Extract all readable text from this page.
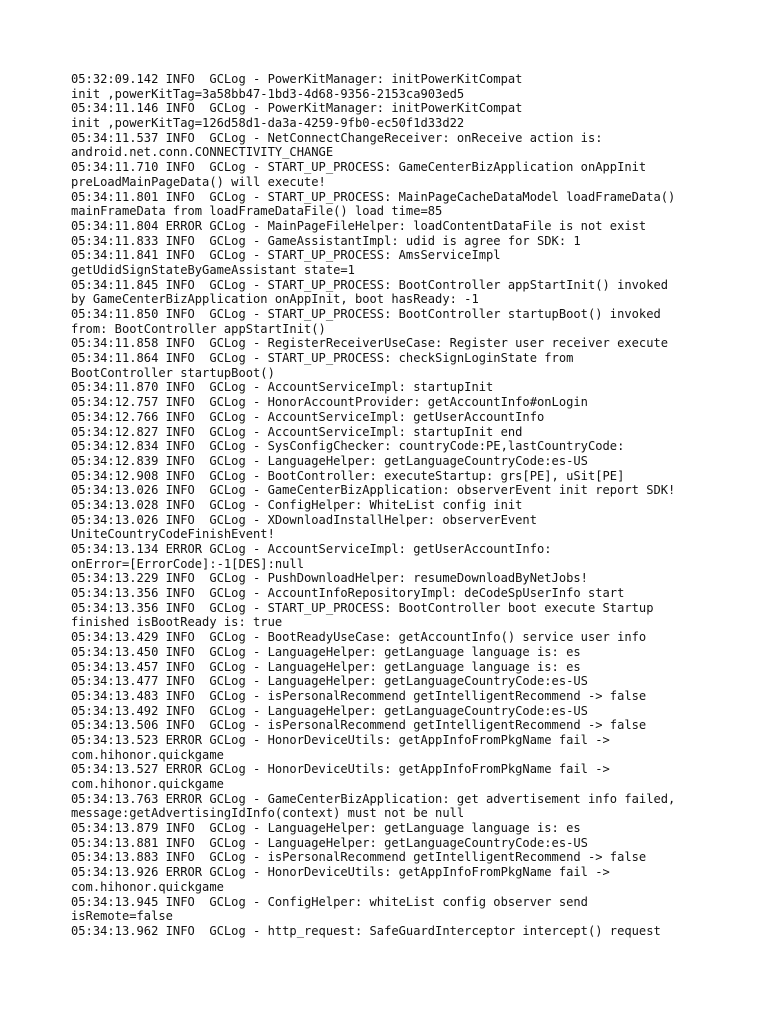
05:32:09.142 INFO  GCLog - PowerKitManager: initPowerKitCompat
init ,powerKitTag=3a58bb47-1bd3-4d68-9356-2153ca903ed5
05:34:11.146 INFO  GCLog - PowerKitManager: initPowerKitCompat
init ,powerKitTag=126d58d1-da3a-4259-9fb0-ec50f1d33d22
05:34:11.537 INFO  GCLog - NetConnectChangeReceiver: onReceive action is:
android.net.conn.CONNECTIVITY_CHANGE
05:34:11.710 INFO  GCLog - START_UP_PROCESS: GameCenterBizApplication onAppInit
preLoadMainPageData() will execute!
05:34:11.801 INFO  GCLog - START_UP_PROCESS: MainPageCacheDataModel loadFrameData()
mainFrameData from loadFrameDataFile() load time=85
05:34:11.804 ERROR GCLog - MainPageFileHelper: loadContentDataFile is not exist
05:34:11.833 INFO  GCLog - GameAssistantImpl: udid is agree for SDK: 1
05:34:11.841 INFO  GCLog - START_UP_PROCESS: AmsServiceImpl
getUdidSignStateByGameAssistant state=1
05:34:11.845 INFO  GCLog - START_UP_PROCESS: BootController appStartInit() invoked
by GameCenterBizApplication onAppInit, boot hasReady: -1
05:34:11.850 INFO  GCLog - START_UP_PROCESS: BootController startupBoot() invoked
from: BootController appStartInit()
05:34:11.858 INFO  GCLog - RegisterReceiverUseCase: Register user receiver execute
05:34:11.864 INFO  GCLog - START_UP_PROCESS: checkSignLoginState from
BootController startupBoot()
05:34:11.870 INFO  GCLog - AccountServiceImpl: startupInit
05:34:12.757 INFO  GCLog - HonorAccountProvider: getAccountInfo#onLogin
05:34:12.766 INFO  GCLog - AccountServiceImpl: getUserAccountInfo
05:34:12.827 INFO  GCLog - AccountServiceImpl: startupInit end
05:34:12.834 INFO  GCLog - SysConfigChecker: countryCode:PE,lastCountryCode:
05:34:12.839 INFO  GCLog - LanguageHelper: getLanguageCountryCode:es-US
05:34:12.908 INFO  GCLog - BootController: executeStartup: grs[PE], uSit[PE]
05:34:13.026 INFO  GCLog - GameCenterBizApplication: observerEvent init report SDK!
05:34:13.028 INFO  GCLog - ConfigHelper: WhiteList config init
05:34:13.026 INFO  GCLog - XDownloadInstallHelper: observerEvent
UniteCountryCodeFinishEvent!
05:34:13.134 ERROR GCLog - AccountServiceImpl: getUserAccountInfo:
onError=[ErrorCode]:-1[DES]:null
05:34:13.229 INFO  GCLog - PushDownloadHelper: resumeDownloadByNetJobs!
05:34:13.356 INFO  GCLog - AccountInfoRepositoryImpl: deCodeSpUserInfo start
05:34:13.356 INFO  GCLog - START_UP_PROCESS: BootController boot execute Startup
finished isBootReady is: true
05:34:13.429 INFO  GCLog - BootReadyUseCase: getAccountInfo() service user info
05:34:13.450 INFO  GCLog - LanguageHelper: getLanguage language is: es
05:34:13.457 INFO  GCLog - LanguageHelper: getLanguage language is: es
05:34:13.477 INFO  GCLog - LanguageHelper: getLanguageCountryCode:es-US
05:34:13.483 INFO  GCLog - isPersonalRecommend getIntelligentRecommend -> false
05:34:13.492 INFO  GCLog - LanguageHelper: getLanguageCountryCode:es-US
05:34:13.506 INFO  GCLog - isPersonalRecommend getIntelligentRecommend -> false
05:34:13.523 ERROR GCLog - HonorDeviceUtils: getAppInfoFromPkgName fail ->
com.hihonor.quickgame
05:34:13.527 ERROR GCLog - HonorDeviceUtils: getAppInfoFromPkgName fail ->
com.hihonor.quickgame
05:34:13.763 ERROR GCLog - GameCenterBizApplication: get advertisement info failed,
message:getAdvertisingIdInfo(context) must not be null
05:34:13.879 INFO  GCLog - LanguageHelper: getLanguage language is: es
05:34:13.881 INFO  GCLog - LanguageHelper: getLanguageCountryCode:es-US
05:34:13.883 INFO  GCLog - isPersonalRecommend getIntelligentRecommend -> false
05:34:13.926 ERROR GCLog - HonorDeviceUtils: getAppInfoFromPkgName fail ->
com.hihonor.quickgame
05:34:13.945 INFO  GCLog - ConfigHelper: whiteList config observer send
isRemote=false
05:34:13.962 INFO  GCLog - http_request: SafeGuardInterceptor intercept() request
